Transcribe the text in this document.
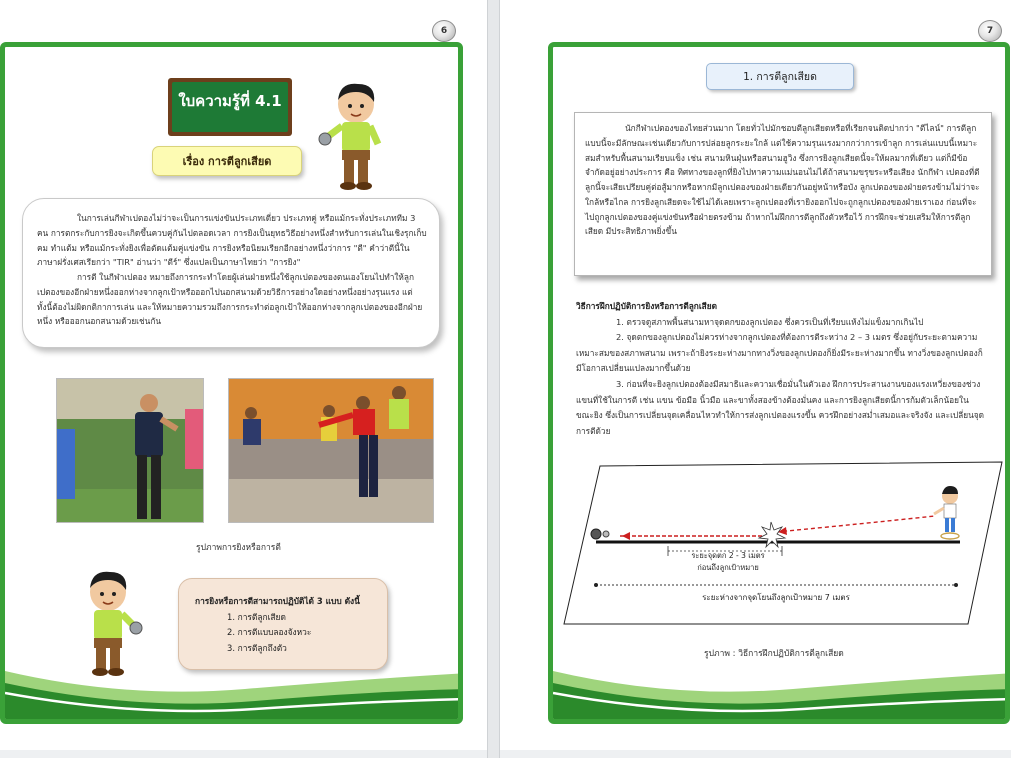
6
ใบความรู้ที่ 4.1
เรื่อง การตีลูกเสียด

ในการเล่นกีฬาเปตองไม่ว่าจะเป็นการแข่งขันประเภทเดี่ยว ประเภทคู่ หรือแม้กระทั่งประเภททีม 3 คน การตกระกับการยิงจะเกิดขึ้นควบคู่กันไปตลอดเวลา การยิงเป็นยุทธวิธีอย่างหนึ่งสำหรับการเล่นในเชิงรุกเก็บคม ทำแต้ม หรือแม้กระทั่งยิงเพื่อตัดแต้มคู่แข่งขัน การยิงหรือนิยมเรียกอีกอย่างหนึ่งว่าการ "ตี" คำว่าตีนี้ในภาษาฝรั่งเศสเรียกว่า "TIR" อ่านว่า "ตีร์" ซึ่งแปลเป็นภาษาไทยว่า "การยิง"

การตี ในกีฬาเปตอง หมายถึงการกระทำโดยผู้เล่นฝ่ายหนึ่งใช้ลูกเปตองของตนเองโยนไปทำให้ลูกเปตองของอีกฝ่ายหนึ่งออกห่างจากลูกเป้าหรือออกไปนอกสนามด้วยวิธีการอย่างใดอย่างหนึ่งอย่างรุนแรง แต่ทั้งนี้ต้องไม่ผิดกติกาการเล่น และให้หมายความรวมถึงการกระทำต่อลูกเป้าให้ออกห่างจากลูกเปตองของอีกฝ่ายหนึ่ง หรือออกนอกสนามด้วยเช่นกัน

รูปภาพการยิงหรือการตี
การยิงหรือการตีสามารถปฏิบัติได้ 3 แบบ ดังนี้
1. การตีลูกเสียด
2. การตีแบบลองจังหวะ
3. การตีลูกถึงตัว
7
1. การตีลูกเสียด
นักกีฬาเปตองของไทยส่วนมาก โดยทั่วไปมักชอบตีลูกเสียดหรือที่เรียกจนติดปากว่า "ตีไลน์" การตีลูกแบบนี้จะมีลักษณะเช่นเดียวกับการปล่อยลูกระยะใกล้ แต่ใช้ความรุนแรงมากกว่าการเข้าลูก การเล่นแบบนี้เหมาะสมสำหรับพื้นสนามเรียบแข็ง เช่น สนามหินฝุ่นหรือสนามฮูวิง ซึ่งการยิงลูกเสียดนี้จะให้ผลมากที่เดียว แต่ก็มีข้อจำกัดอยู่อย่างประการ คือ ทิศทางของลูกที่ยิงไปหาความแม่นอนไม่ได้ถ้าสนามขรุขระหรือเสียง นักกีฬา เปตองที่ตีลูกนี้จะเสียเปรียบคู่ต่อสู้มากหรือหากมีลูกเปตองของฝ่ายเดียวกันอยู่หน้าหรือบัง ลูกเปตองของฝ่ายตรงข้ามไม่ว่าจะใกล้หรือไกล การยิงลูกเสียดจะใช้ไม่ได้เลยเพราะลูกเปตองที่เรายิงออกไปจะถูกลูกเปตองของฝ่ายเราเอง ก่อนที่จะไปถูกลูกเปตองของคู่แข่งขันหรือฝ่ายตรงข้าม ถ้าหากไม่ฝึกการตีลูกถึงตัวหรือไว้ การฝึกจะช่วยเสริมให้การตีลูกเสียด มีประสิทธิภาพยิ่งขึ้น
วิธีการฝึกปฏิบัติการยิงหรือการตีลูกเสียด

1. ตรวจดูสภาพพื้นสนามหาจุดตกของลูกเปตอง ซึ่งควรเป็นที่เรียบแห้งไม่แข็งมากเกินไป

2. จุดตกของลูกเปตองไม่ควรห่างจากลูกเปตองที่ต้องการตีระหว่าง 2 – 3 เมตร ซึ่งอยู่กับระยะตามความเหมาะสมของสภาพสนาม เพราะถ้ายิงระยะห่างมากทางวิ่งของลูกเปตองก็ยิ่งมีระยะห่างมากขึ้น ทางวิ่งของลูกเปตองก็มีโอกาสเปลี่ยนแปลงมากขึ้นด้วย

3. ก่อนที่จะยิงลูกเปตองต้องมีสมาธิและความเชื่อมั่นในตัวเอง ฝึกการประสานงานของแรงเหวี่ยงของช่วงแขนที่ใช้ในการตี เช่น แขน ข้อมือ นิ้วมือ และขาทั้งสองข้างต้องมั่นคง และการยิงลูกเสียดนี้การก้มตัวเล็กน้อยในขณะยิง ซึ่งเป็นการเปลี่ยนจุดเคลื่อนไหวทำให้การส่งลูกเปตองแรงขึ้น ควรฝึกอย่างสม่ำเสมอและจริงจัง และเปลี่ยนจุดการตีด้วย

ระยะจุดตก 2 - 3 เมตร
ก่อนถึงลูกเป้าหมาย
ระยะห่างจากจุดโยนถึงลูกเป้าหมาย 7 เมตร
รูปภาพ : วิธีการฝึกปฏิบัติการตีลูกเสียด
